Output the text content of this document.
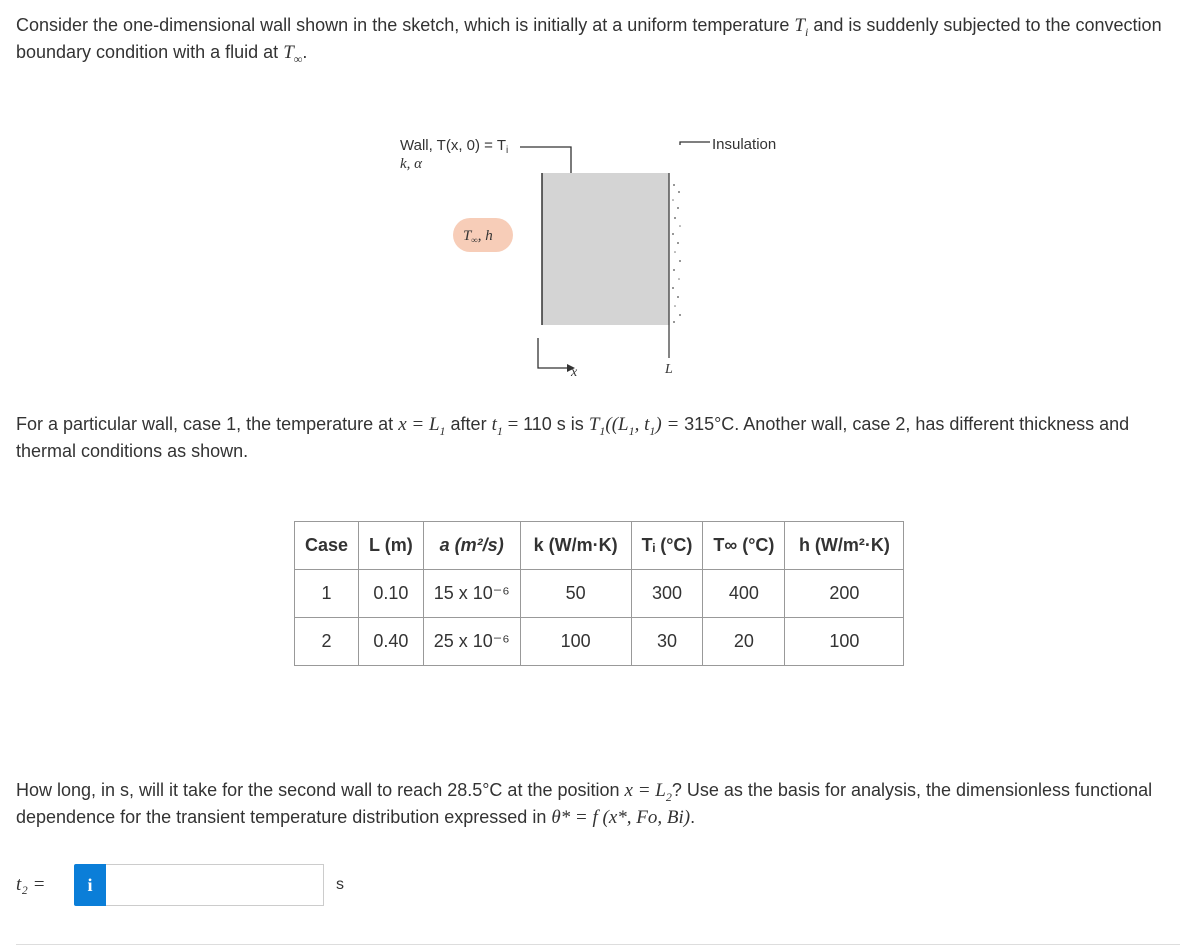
Consider the one-dimensional wall shown in the sketch, which is initially at a uniform temperature $T_i$ and is suddenly subjected to the convection boundary condition with a fluid at $T_\infty$.

Wall, T(x, $0) = T_i$
k, α
Insulation
$T_\infty$, h
x	L

For a particular wall, case 1, the temperature at $x = L_1$ after $t_1 = 110$ s is $T_1((L_1$, $t_1) = 315^\circ C$. Another wall, case 2, has different thickness and thermal conditions as shown.

Case	L (m)	a (m²/s)	k (W/m·K)	Tᵢ (°C)	T∞ (°C)	h (W/m²·K)
1	0.10	15 x 10⁻⁶	50	300	400	200
2	0.40	25 x 10⁻⁶	100	30	20	100

How long, in s, will it take for the second wall to reach 28.5°C at the position $x = L_2$? Use as the basis for analysis, the dimensionless functional dependence for the transient temperature distribution expressed in θ* = f (x*, Fo, Bi).

t₂ =	i	s
